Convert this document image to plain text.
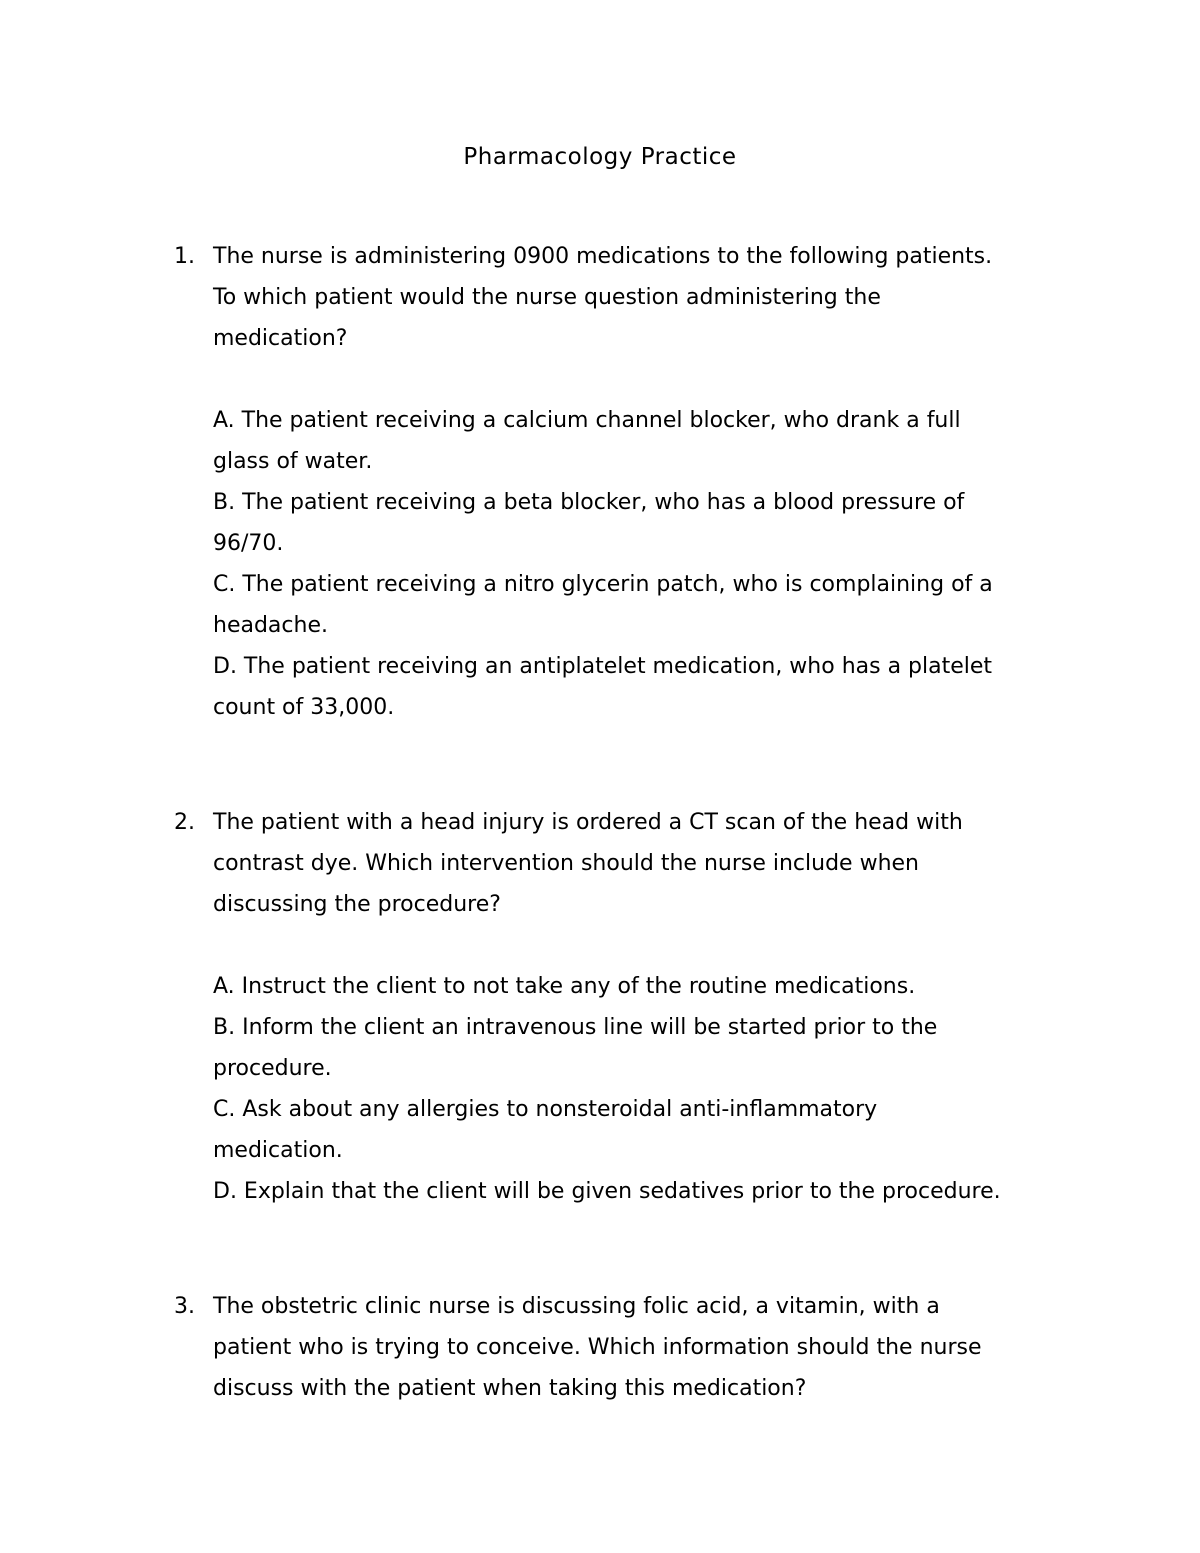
Pharmacology Practice
1. The nurse is administering 0900 medications to the following patients.
To which patient would the nurse question administering the
medication?
A. The patient receiving a calcium channel blocker, who drank a full
glass of water.
B. The patient receiving a beta blocker, who has a blood pressure of
96/70.
C. The patient receiving a nitro glycerin patch, who is complaining of a
headache.
D. The patient receiving an antiplatelet medication, who has a platelet
count of 33,000.
2. The patient with a head injury is ordered a CT scan of the head with
contrast dye. Which intervention should the nurse include when
discussing the procedure?
A. Instruct the client to not take any of the routine medications.
B. Inform the client an intravenous line will be started prior to the
procedure.
C. Ask about any allergies to nonsteroidal anti-inflammatory
medication.
D. Explain that the client will be given sedatives prior to the procedure.
3. The obstetric clinic nurse is discussing folic acid, a vitamin, with a
patient who is trying to conceive. Which information should the nurse
discuss with the patient when taking this medication?
